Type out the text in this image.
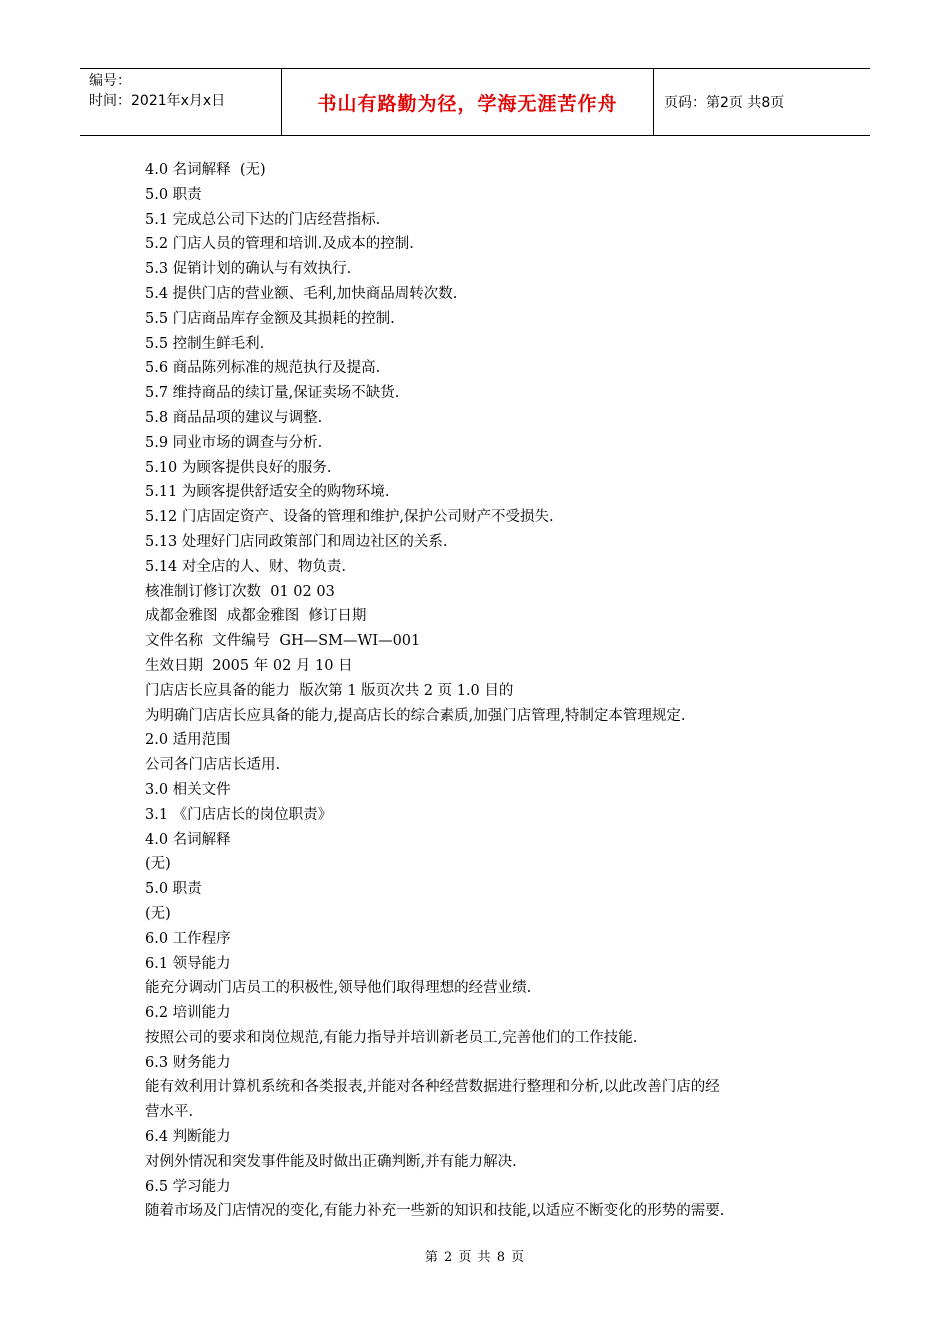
编号：
时间：2021年x月x日	书山有路勤为径，学海无涯苦作舟	页码：第2页 共8页

4.0 名词解释  (无)

5.0 职责

5.1 完成总公司下达的门店经营指标.

5.2 门店人员的管理和培训.及成本的控制.

5.3 促销计划的确认与有效执行.

5.4 提供门店的营业额、毛利,加快商品周转次数.

5.5 门店商品库存金额及其损耗的控制.

5.5 控制生鲜毛利.

5.6 商品陈列标准的规范执行及提高.

5.7 维持商品的续订量,保证卖场不缺货.

5.8 商品品项的建议与调整.

5.9 同业市场的调查与分析.

5.10 为顾客提供良好的服务.

5.11 为顾客提供舒适安全的购物环境.

5.12 门店固定资产、设备的管理和维护,保护公司财产不受损失.

5.13 处理好门店同政策部门和周边社区的关系.

5.14 对全店的人、财、物负责.

核准制订修订次数  01 02 03

成都金雅图  成都金雅图  修订日期

文件名称  文件编号  GH—SM—WI—001

生效日期  2005 年 02 月 10 日

门店店长应具备的能力  版次第 1 版页次共 2 页 1.0 目的

为明确门店店长应具备的能力,提高店长的综合素质,加强门店管理,特制定本管理规定.

2.0 适用范围

公司各门店店长适用.

3.0 相关文件

3.1 《门店店长的岗位职责》

4.0 名词解释

(无)

5.0 职责

(无)

6.0 工作程序

6.1 领导能力

能充分调动门店员工的积极性,领导他们取得理想的经营业绩.

6.2 培训能力

按照公司的要求和岗位规范,有能力指导并培训新老员工,完善他们的工作技能.

6.3 财务能力

能有效利用计算机系统和各类报表,并能对各种经营数据进行整理和分析,以此改善门店的经

营水平.

6.4 判断能力

对例外情况和突发事件能及时做出正确判断,并有能力解决.

6.5 学习能力

随着市场及门店情况的变化,有能力补充一些新的知识和技能,以适应不断变化的形势的需要.

第 2 页 共 8 页
